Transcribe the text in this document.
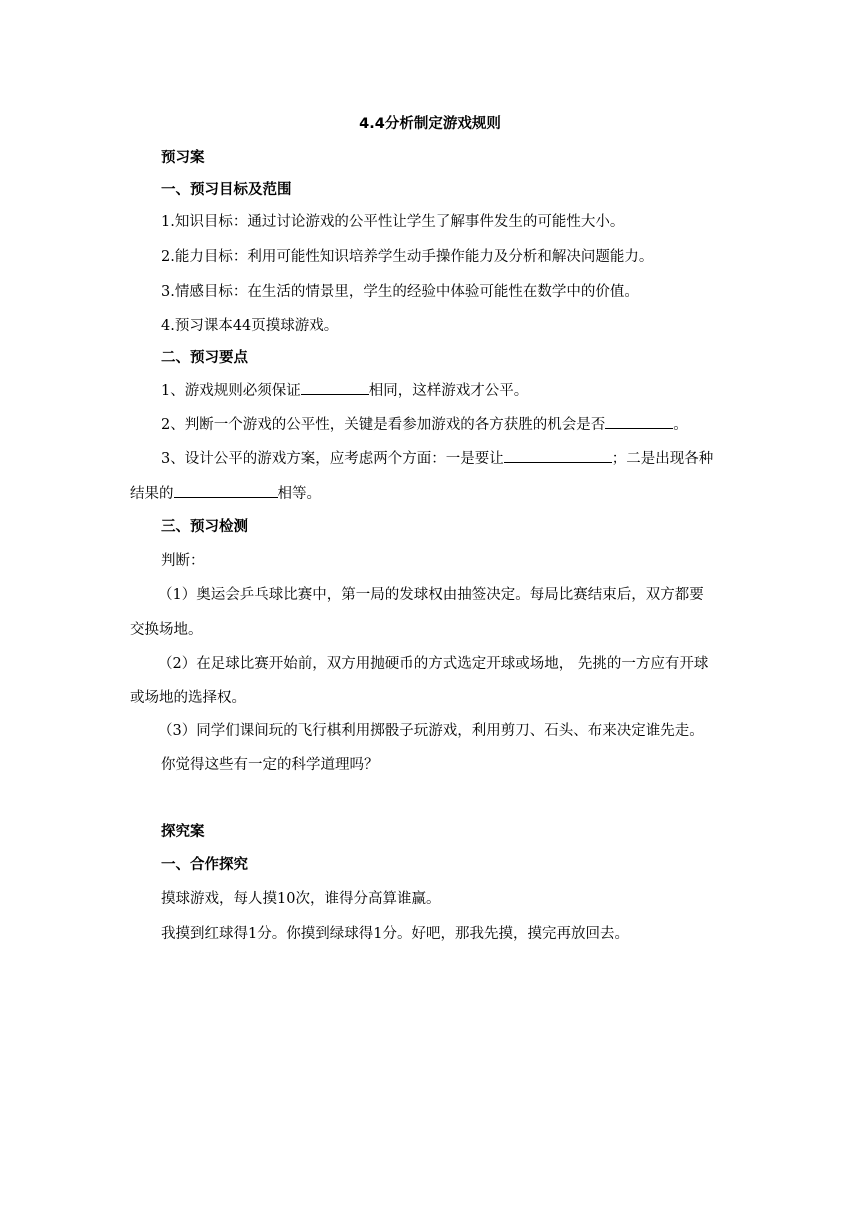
4.4分析制定游戏规则
预习案
一、预习目标及范围
1.知识目标：通过讨论游戏的公平性让学生了解事件发生的可能性大小。
2.能力目标：利用可能性知识培养学生动手操作能力及分析和解决问题能力。
3.情感目标：在生活的情景里，学生的经验中体验可能性在数学中的价值。
4.预习课本44页摸球游戏。
二、预习要点
1、游戏规则必须保证	相同，这样游戏才公平。
2、判断一个游戏的公平性，关键是看参加游戏的各方获胜的机会是否	。
3、设计公平的游戏方案，应考虑两个方面：一是要让	；二是出现各种
结果的	相等。
三、预习检测
判断：
（1）奥运会乒乓球比赛中，第一局的发球权由抽签决定。每局比赛结束后，双方都要
交换场地。
（2）在足球比赛开始前，双方用抛硬币的方式选定开球或场地， 先挑的一方应有开球
或场地的选择权。
（3）同学们课间玩的飞行棋利用掷骰子玩游戏，利用剪刀、石头、布来决定谁先走。
你觉得这些有一定的科学道理吗？
探究案
一、合作探究
摸球游戏，每人摸10次，谁得分高算谁赢。
我摸到红球得1分。你摸到绿球得1分。好吧，那我先摸，摸完再放回去。
